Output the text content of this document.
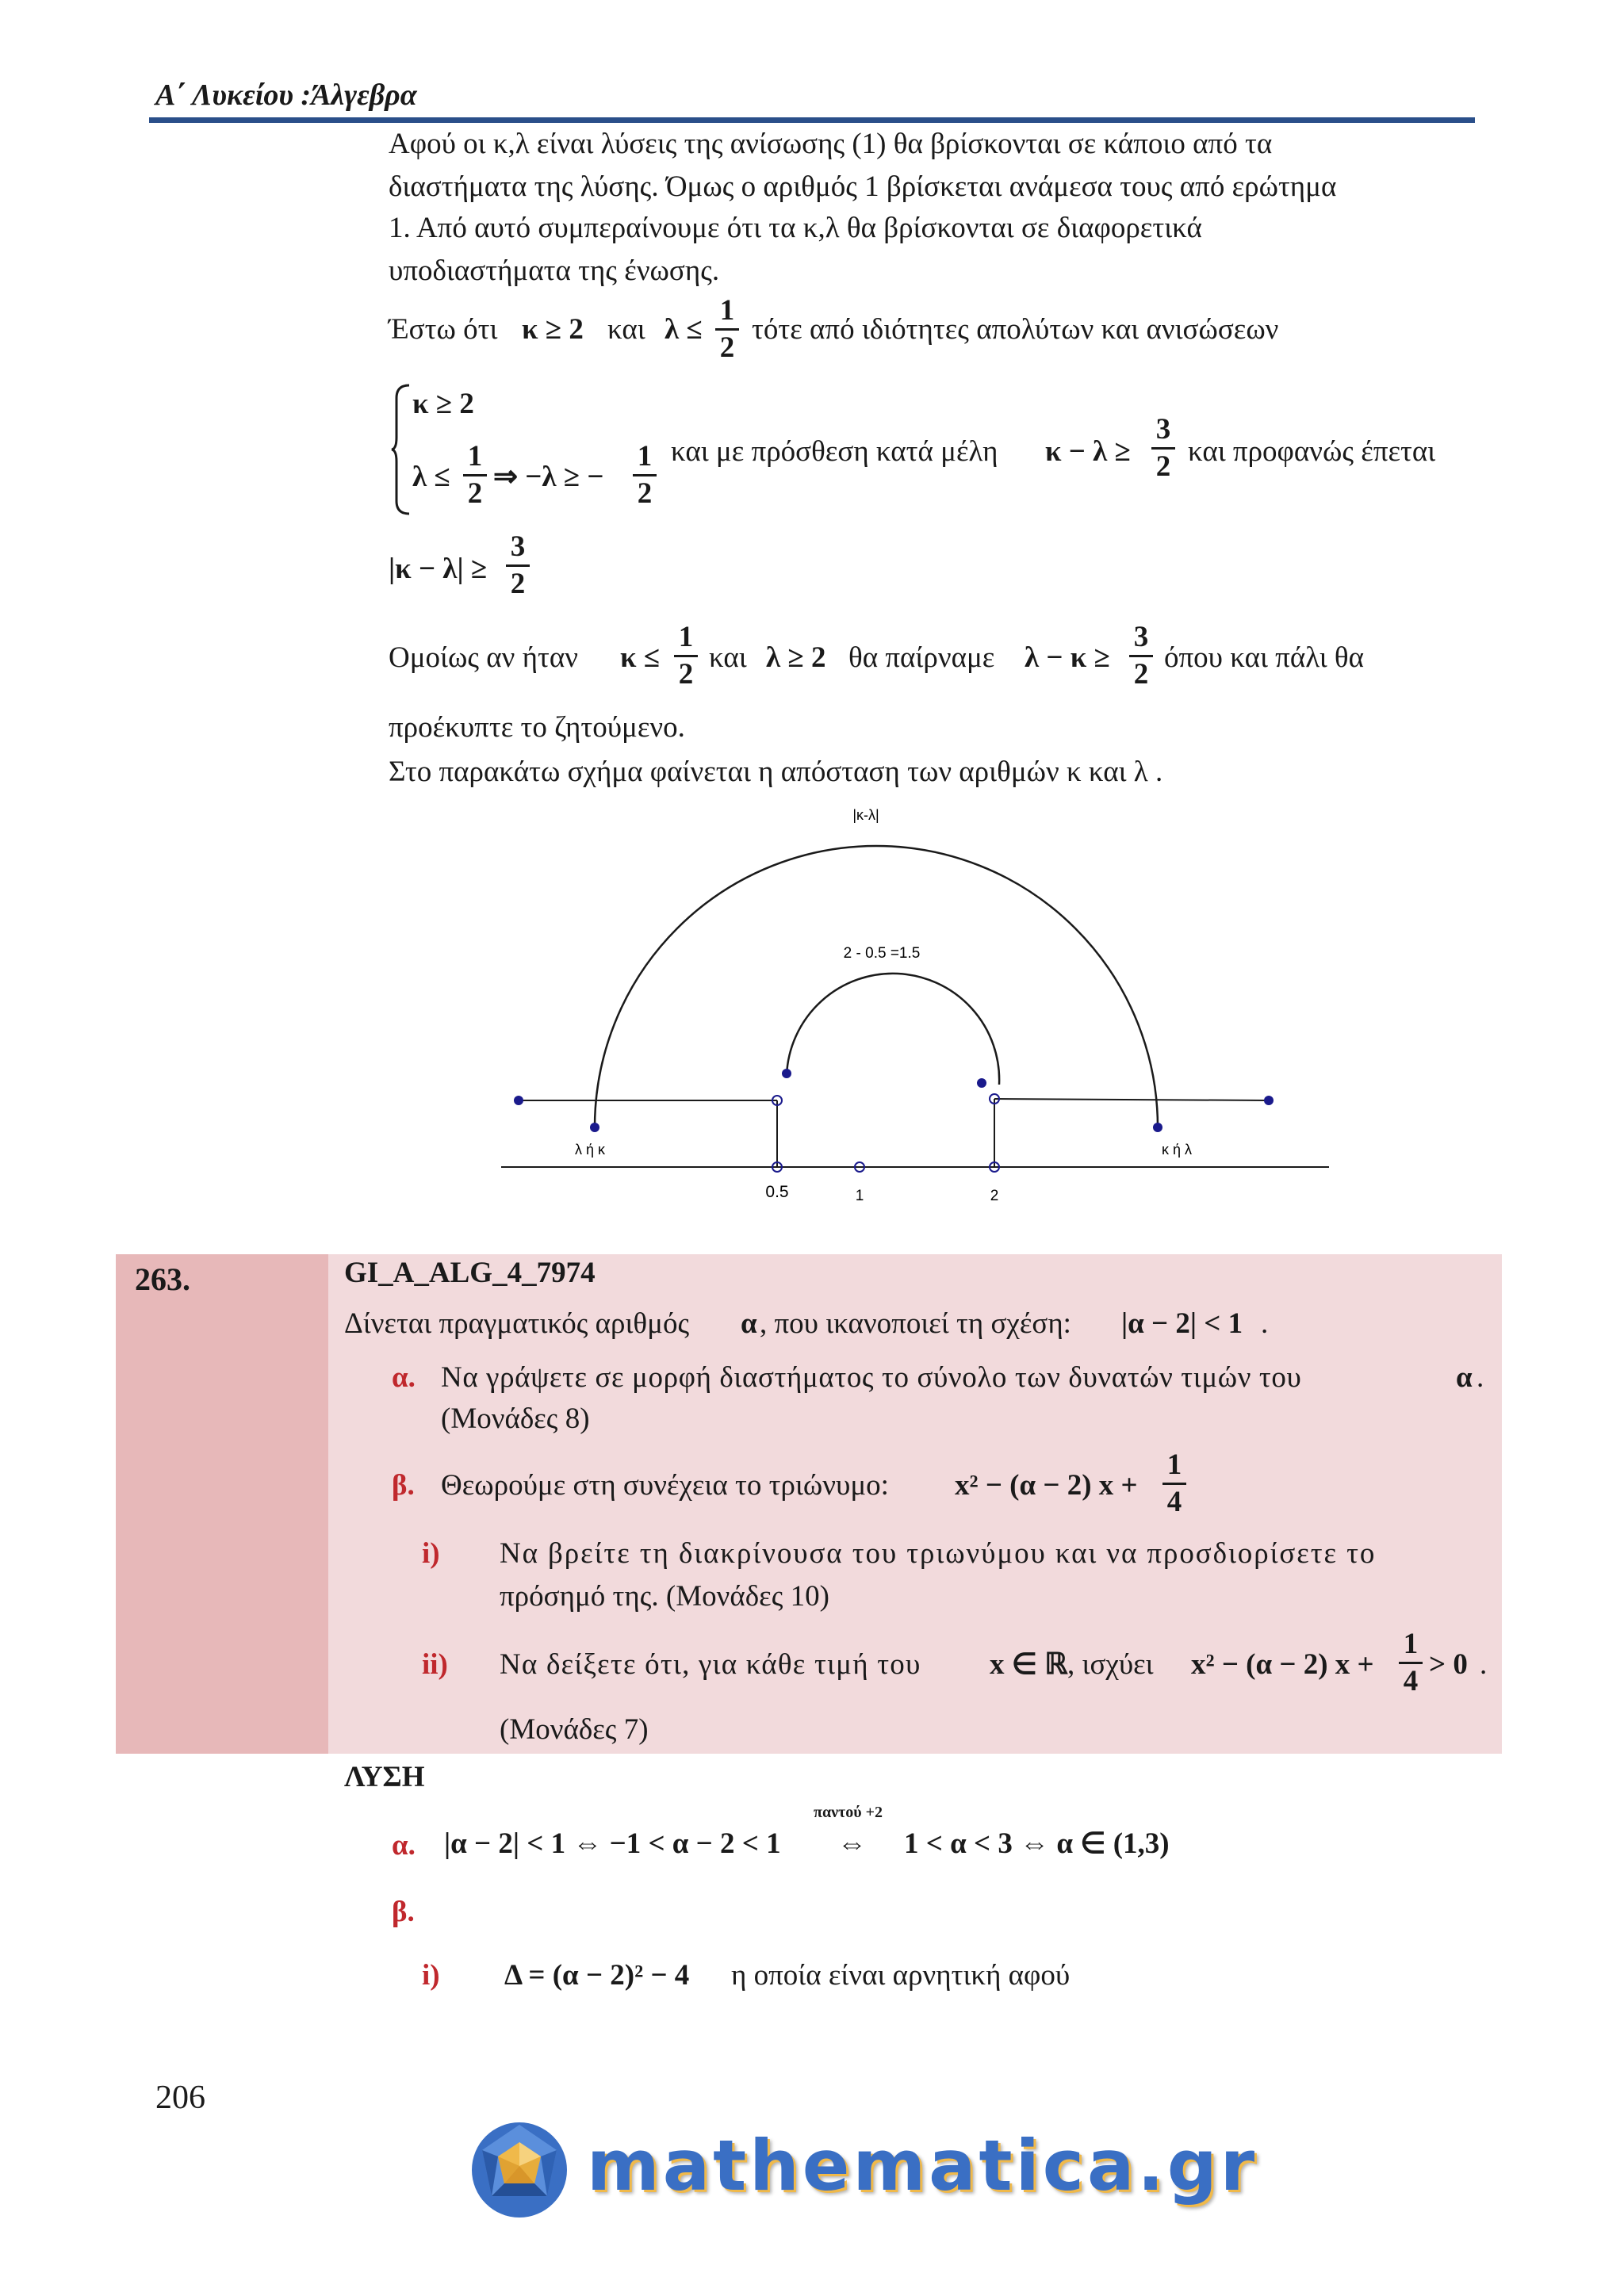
Α΄ Λυκείου :Άλγεβρα
Αφού οι κ,λ είναι λύσεις της ανίσωσης (1) θα βρίσκονται σε κάποιο από τα
διαστήματα της λύσης. Όμως ο αριθμός 1 βρίσκεται ανάμεσα τους από ερώτημα
1. Από αυτό συμπεραίνουμε ότι τα κ,λ θα βρίσκονται σε διαφορετικά
υποδιαστήματα της ένωσης.
Έστω ότι κ ≥ 2 και λ ≤
1
2
τότε από ιδιότητες απολύτων και ανισώσεων
κ ≥ 2
λ ≤
1
2
⇒ −λ ≥ −
1
2
και με πρόσθεση κατά μέλη κ − λ ≥
3
2 και προφανώς έπεται
|κ − λ| ≥
3
2
Ομοίως αν ήταν κ ≤
1
2
και λ ≥ 2 θα παίρναμε λ − κ ≥
3
2
όπου και πάλι θα
προέκυπτε το ζητούμενο.
Στο παρακάτω σχήμα φαίνεται η απόσταση των αριθμών κ και λ .
|κ-λ|
2 - 0.5 =1.5
λ ή κ	κ ή λ
0.5	1	2
263.	GI_A_ALG_4_7974
Δίνεται πραγματικός αριθμός α , που ικανοποιεί τη σχέση: |α − 2| < 1 .
α. Να γράψετε σε μορφή διαστήματος το σύνολο των δυνατών τιμών του	α .
(Μονάδες 8)
β. Θεωρούμε στη συνέχεια το τριώνυμο: x² − (α − 2) x +
1
4
i) Να βρείτε τη διακρίνουσα του τριωνύμου και να προσδιορίσετε το
πρόσημό της. (Μονάδες 10)
ii) Να δείξετε ότι, για κάθε τιμή του x ∈ ℝ , ισχύει x² − (α − 2) x +
1
4
> 0 .
(Μονάδες 7)
ΛΥΣΗ
α.
παντού +2
|α − 2| < 1 ⇔ −1 < α − 2 < 1 ⇔ 1 < α < 3 ⇔ α ∈ (1,3)
β.
i) Δ = (α − 2)² − 4 η οποία είναι αρνητική αφού
206
mathematica.gr
